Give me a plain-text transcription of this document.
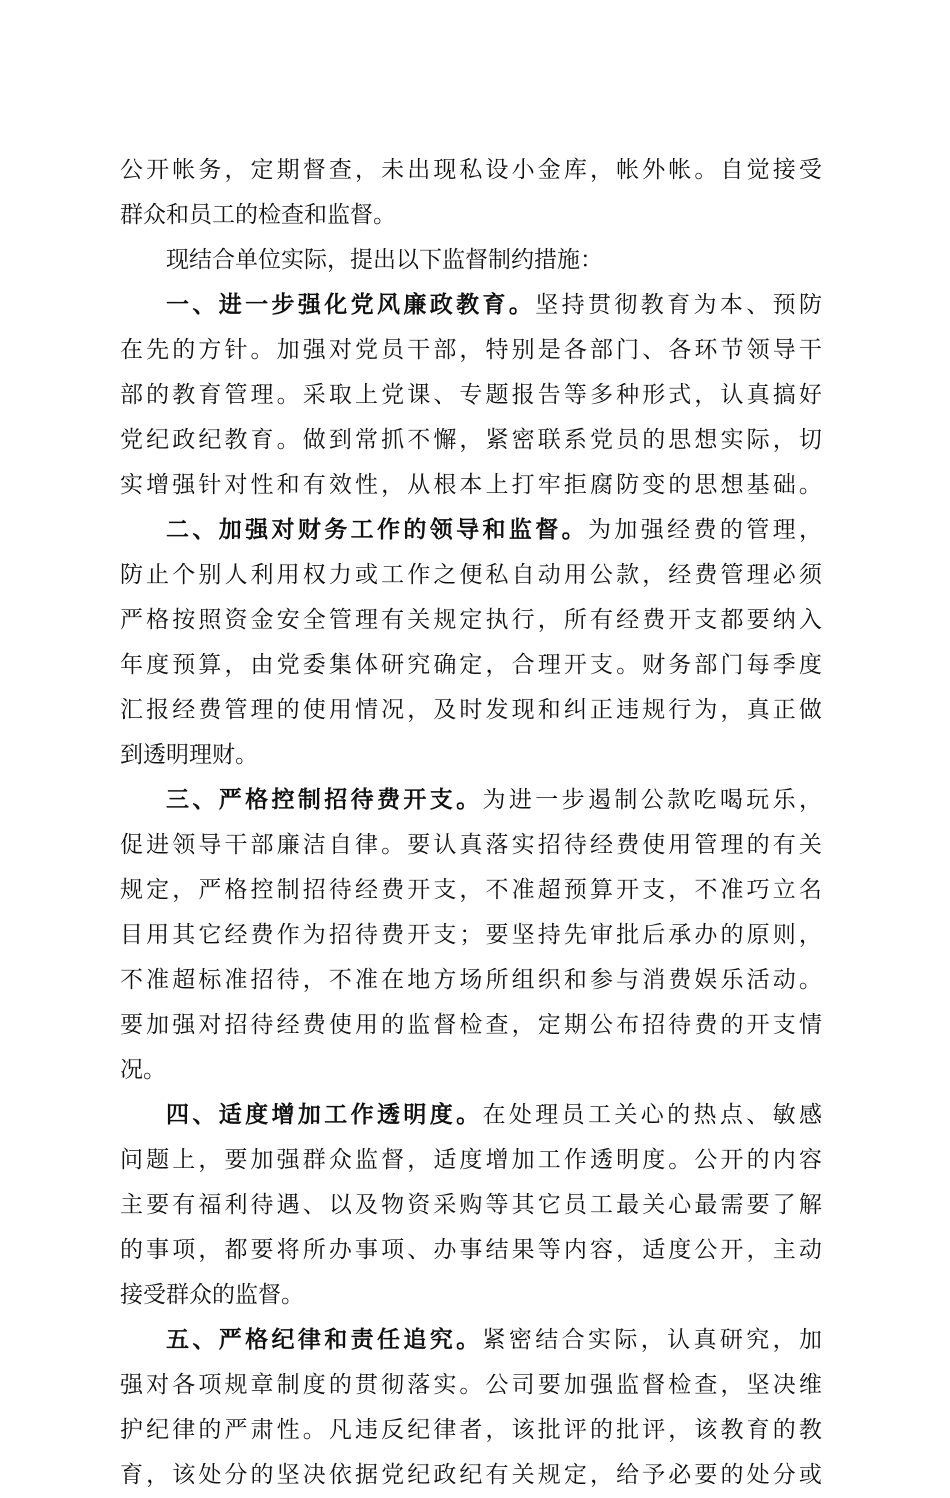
公 开 帐 务 ， 定 期 督 查 ， 未 出 现 私 设 小 金 库 ， 帐 外 帐 。 自 觉 接 受
群众和员工的检查和监督。
现结合单位实际，提出以下监督制约措施：
一 、 进 一 步 强 化 党 风 廉 政 教 育 。 坚 持 贯 彻 教 育 为 本 、 预 防
在 先 的 方 针 。 加 强 对 党 员 干 部 ， 特 别 是 各 部 门 、 各 环 节 领 导 干
部 的 教 育 管 理 。 采 取 上 党 课 、 专 题 报 告 等 多 种 形 式 ， 认 真 搞 好
党 纪 政 纪 教 育 。 做 到 常 抓 不 懈 ， 紧 密 联 系 党 员 的 思 想 实 际 ， 切
实 增 强 针 对 性 和 有 效 性 ， 从 根 本 上 打 牢 拒 腐 防 变 的 思 想 基 础 。
二 、 加 强 对 财 务 工 作 的 领 导 和 监 督 。 为 加 强 经 费 的 管 理 ，
防 止 个 别 人 利 用 权 力 或 工 作 之 便 私 自 动 用 公 款 ， 经 费 管 理 必 须
严 格 按 照 资 金 安 全 管 理 有 关 规 定 执 行 ， 所 有 经 费 开 支 都 要 纳 入
年 度 预 算 ， 由 党 委 集 体 研 究 确 定 ， 合 理 开 支 。 财 务 部 门 每 季 度
汇 报 经 费 管 理 的 使 用 情 况 ， 及 时 发 现 和 纠 正 违 规 行 为 ， 真 正 做
到透明理财。
三 、 严 格 控 制 招 待 费 开 支 。 为 进 一 步 遏 制 公 款 吃 喝 玩 乐 ，
促 进 领 导 干 部 廉 洁 自 律 。 要 认 真 落 实 招 待 经 费 使 用 管 理 的 有 关
规 定 ， 严 格 控 制 招 待 经 费 开 支 ， 不 准 超 预 算 开 支 ， 不 准 巧 立 名
目 用 其 它 经 费 作 为 招 待 费 开 支 ； 要 坚 持 先 审 批 后 承 办 的 原 则 ，
不 准 超 标 准 招 待 ， 不 准 在 地 方 场 所 组 织 和 参 与 消 费 娱 乐 活 动 。
要 加 强 对 招 待 经 费 使 用 的 监 督 检 查 ， 定 期 公 布 招 待 费 的 开 支 情
况。
四 、 适 度 增 加 工 作 透 明 度 。 在 处 理 员 工 关 心 的 热 点 、 敏 感
问 题 上 ， 要 加 强 群 众 监 督 ， 适 度 增 加 工 作 透 明 度 。 公 开 的 内 容
主 要 有 福 利 待 遇 、 以 及 物 资 采 购 等 其 它 员 工 最 关 心 最 需 要 了 解
的 事 项 ， 都 要 将 所 办 事 项 、 办 事 结 果 等 内 容 ， 适 度 公 开 ， 主 动
接受群众的监督。
五 、 严 格 纪 律 和 责 任 追 究 。 紧 密 结 合 实 际 ， 认 真 研 究 ， 加
强 对 各 项 规 章 制 度 的 贯 彻 落 实 。 公 司 要 加 强 监 督 检 查 ， 坚 决 维
护 纪 律 的 严 肃 性 。 凡 违 反 纪 律 者 ， 该 批 评 的 批 评 ， 该 教 育 的 教
育 ， 该 处 分 的 坚 决 依 据 党 纪 政 纪 有 关 规 定 ， 给 予 必 要 的 处 分 或
